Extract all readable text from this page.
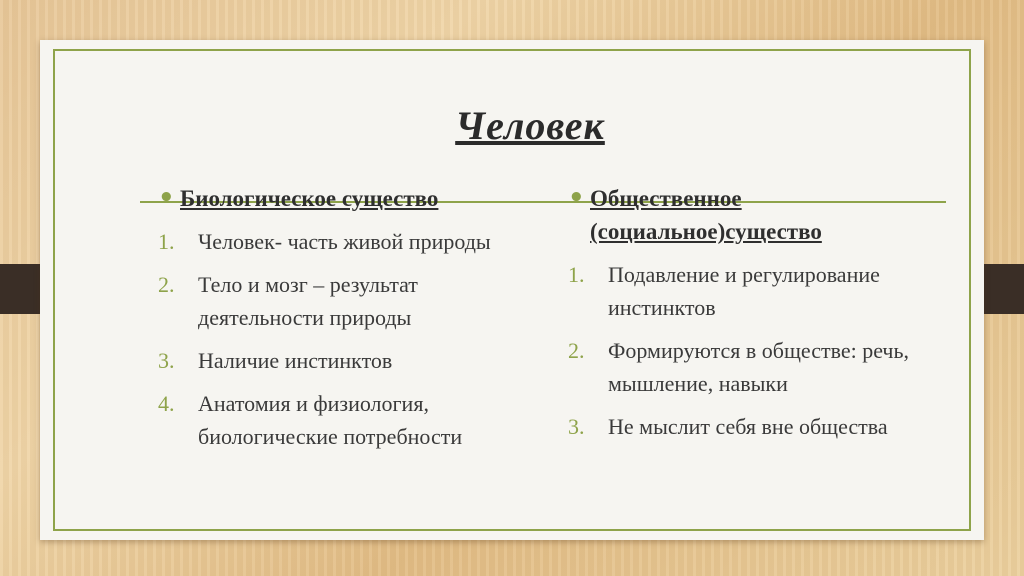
Человек
• Биологическое существо
1. Человек- часть живой природы
2. Тело и мозг – результат деятельности природы
3. Наличие инстинктов
4. Анатомия и физиология, биологические потребности
• Общественное (социальное)существо
1. Подавление и регулирование инстинктов
2. Формируются в обществе: речь, мышление, навыки
3. Не мыслит себя вне общества
